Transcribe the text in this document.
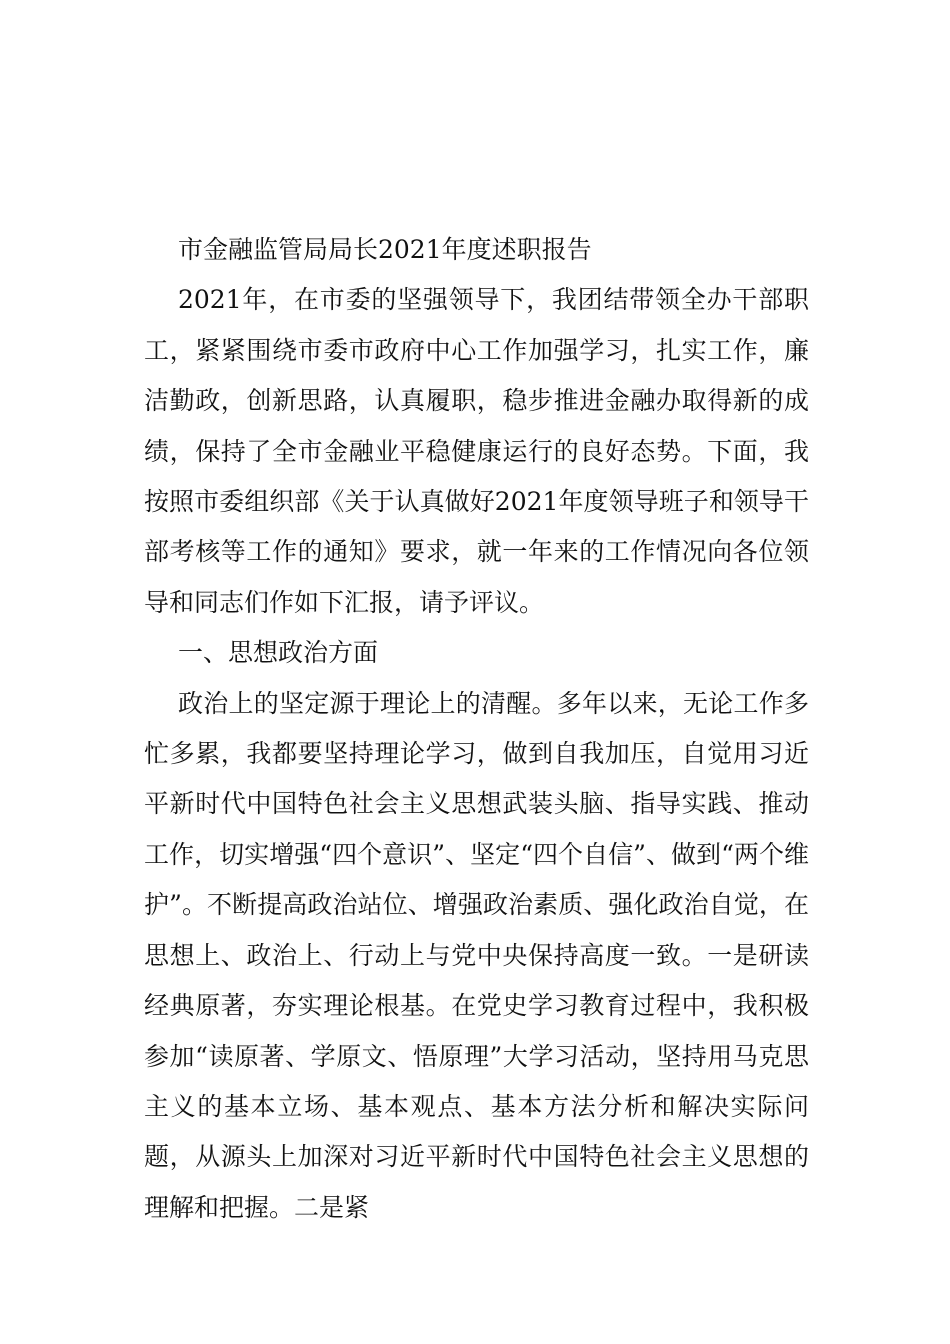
市金融监管局局长2021年度述职报告

2021年，在市委的坚强领导下，我团结带领全办干部职工，紧紧围绕市委市政府中心工作加强学习，扎实工作，廉洁勤政，创新思路，认真履职，稳步推进金融办取得新的成绩，保持了全市金融业平稳健康运行的良好态势。下面，我按照市委组织部《关于认真做好2021年度领导班子和领导干部考核等工作的通知》要求，就一年来的工作情况向各位领导和同志们作如下汇报，请予评议。

一、思想政治方面

政治上的坚定源于理论上的清醒。多年以来，无论工作多忙多累，我都要坚持理论学习，做到自我加压，自觉用习近平新时代中国特色社会主义思想武装头脑、指导实践、推动工作，切实增强“四个意识”、坚定“四个自信”、做到“两个维护”。不断提高政治站位、增强政治素质、强化政治自觉，在思想上、政治上、行动上与党中央保持高度一致。一是研读经典原著，夯实理论根基。在党史学习教育过程中，我积极参加“读原著、学原文、悟原理”大学习活动，坚持用马克思主义的基本立场、基本观点、基本方法分析和解决实际问题，从源头上加深对习近平新时代中国特色社会主义思想的理解和把握。二是紧
